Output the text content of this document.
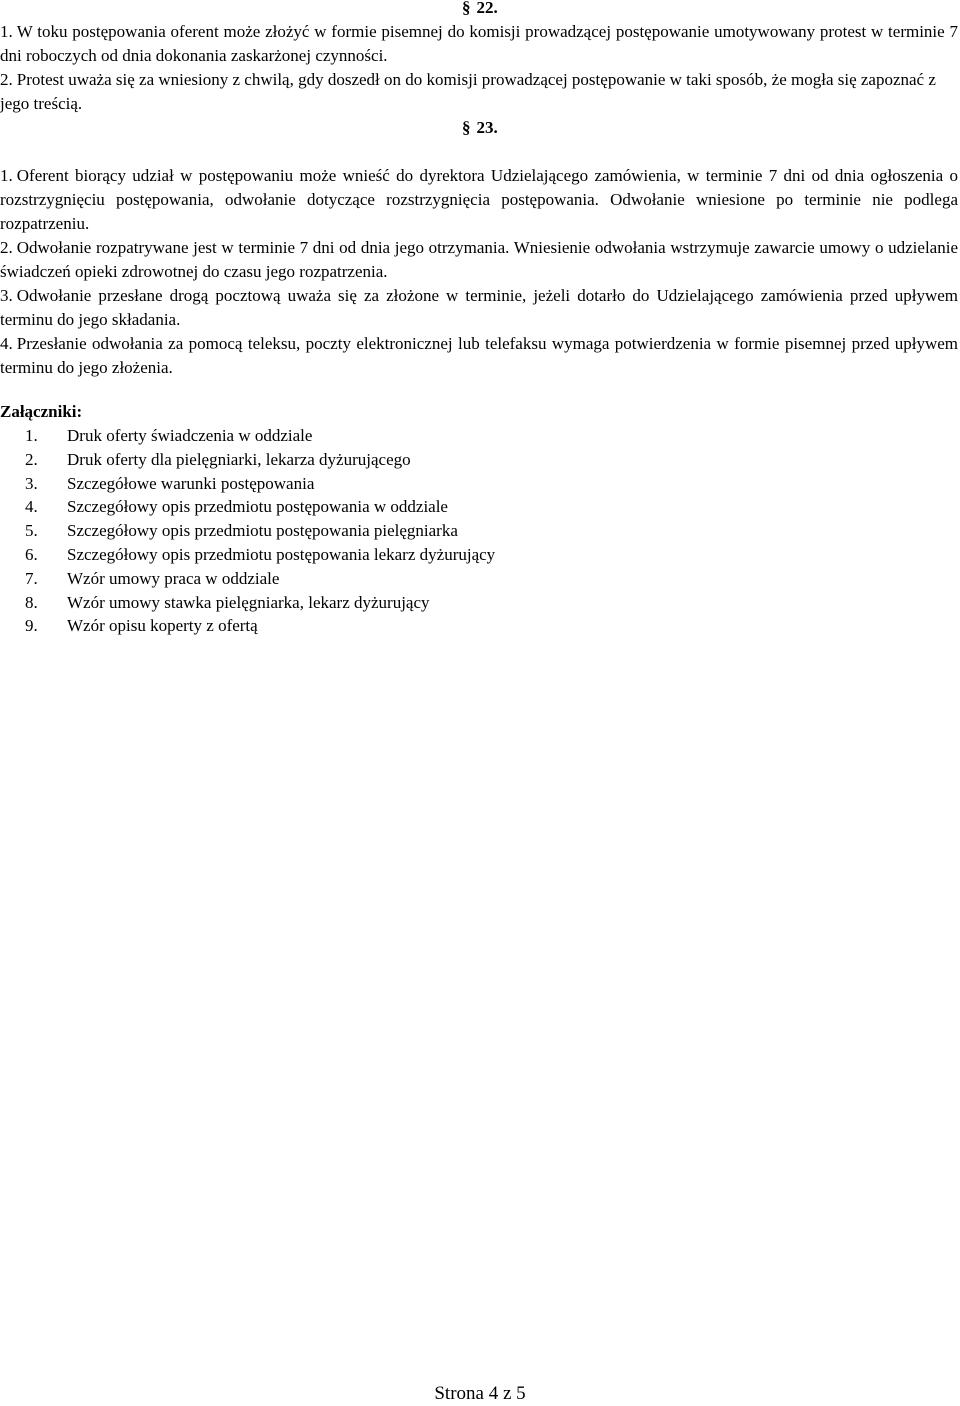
§ 22.

1. W toku postępowania oferent może złożyć w formie pisemnej do komisji prowadzącej postępowanie umotywowany protest w terminie 7 dni roboczych od dnia dokonania zaskarżonej czynności.

2. Protest uważa się za wniesiony z chwilą, gdy doszedł on do komisji prowadzącej postępowanie w taki sposób, że mogła się zapoznać z jego treścią.

§ 23.

1. Oferent biorący udział w postępowaniu może wnieść do dyrektora Udzielającego zamówienia, w terminie 7 dni od dnia ogłoszenia o rozstrzygnięciu postępowania, odwołanie dotyczące rozstrzygnięcia postępowania. Odwołanie wniesione po terminie nie podlega rozpatrzeniu.

2. Odwołanie rozpatrywane jest w terminie 7 dni od dnia jego otrzymania. Wniesienie odwołania wstrzymuje zawarcie umowy o udzielanie świadczeń opieki zdrowotnej do czasu jego rozpatrzenia.

3. Odwołanie przesłane drogą pocztową uważa się za złożone w terminie, jeżeli dotarło do Udzielającego zamówienia przed upływem terminu do jego składania.

4. Przesłanie odwołania za pomocą teleksu, poczty elektronicznej lub telefaksu wymaga potwierdzenia w formie pisemnej przed upływem terminu do jego złożenia.

Załączniki:
1. Druk oferty świadczenia w oddziale
2. Druk oferty dla pielęgniarki, lekarza dyżurującego
3. Szczegółowe warunki postępowania
4. Szczegółowy opis przedmiotu postępowania w oddziale
5. Szczegółowy opis przedmiotu postępowania pielęgniarka
6. Szczegółowy opis przedmiotu postępowania lekarz dyżurujący
7. Wzór umowy praca w oddziale
8. Wzór umowy stawka pielęgniarka, lekarz dyżurujący
9. Wzór opisu koperty z ofertą
Strona 4 z 5
